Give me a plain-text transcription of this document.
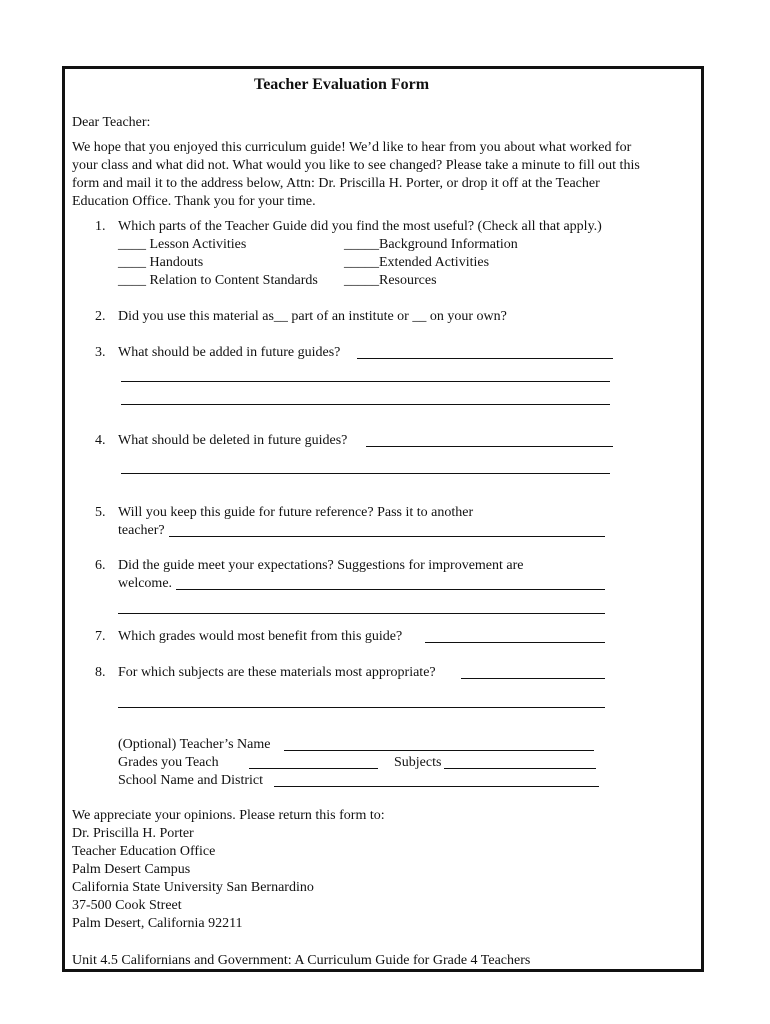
Teacher Evaluation Form
Dear Teacher:
We hope that you enjoyed this curriculum guide! We’d like to hear from you about what worked for
your class and what did not. What would you like to see changed? Please take a minute to fill out this
form and mail it to the address below, Attn: Dr. Priscilla H. Porter, or drop it off at the Teacher
Education Office. Thank you for your time.
1. Which parts of the Teacher Guide did you find the most useful? (Check all that apply.)
____ Lesson Activities
____ Handouts
____ Relation to Content Standards
_____Background Information
_____Extended Activities
_____Resources
2. Did you use this material as__ part of an institute or __ on your own?
3. What should be added in future guides?
4. What should be deleted in future guides?
5. Will you keep this guide for future reference? Pass it to another
teacher?
6. Did the guide meet your expectations? Suggestions for improvement are
welcome.
7. Which grades would most benefit from this guide?
8. For which subjects are these materials most appropriate?
(Optional) Teacher’s Name
Grades you Teach	Subjects
School Name and District
We appreciate your opinions. Please return this form to:
Dr. Priscilla H. Porter
Teacher Education Office
Palm Desert Campus
California State University San Bernardino
37-500 Cook Street
Palm Desert, California 92211
Unit 4.5 Californians and Government: A Curriculum Guide for Grade 4 Teachers
